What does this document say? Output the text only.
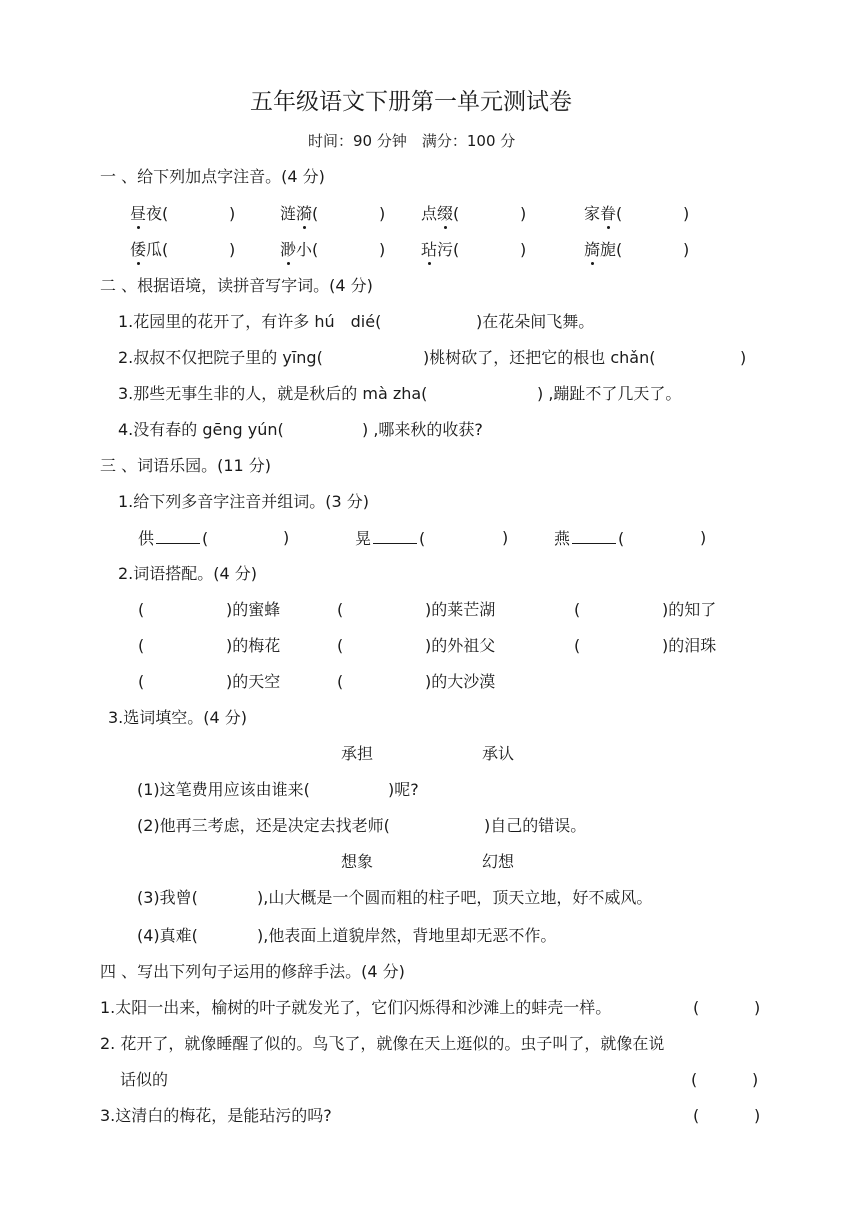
五年级语文下册第一单元测试卷
时间：90 分钟　满分：100 分
一 、给下列加点字注音。(4 分)
昼夜(	)	涟漪(	) 点缀(	)	家眷(	)
倭瓜(	)	渺小(	) 玷污(	)	旖旎(	)
二 、根据语境，读拼音写字词。(4 分)
1.花园里的花开了，有许多 hú　dié(	)在花朵间飞舞。
2.叔叔不仅把院子里的 yīng(	)桃树砍了，还把它的根也 chǎn(	)
3.那些无事生非的人，就是秋后的 mà zha(	) ,蹦趾不了几天了。
4.没有春的 gēng yún(	) ,哪来秋的收获?
三 、词语乐园。(11 分)
1.给下列多音字注音并组词。(3 分)
供	(	)	晃	(	)	燕	(	)
2.词语搭配。(4 分)
(	)的蜜蜂	(	)的莱芒湖	(	)的知了
(	)的梅花	(	)的外祖父	(	)的泪珠
(	)的天空	(	)的大沙漠
3.选词填空。(4 分)
承担	承认
(1)这笔费用应该由谁来(	)呢?
(2)他再三考虑，还是决定去找老师(	)自己的错误。
想象	幻想
(3)我曾(	),山大概是一个圆而粗的柱子吧，顶天立地，好不威风。
(4)真难(	),他表面上道貌岸然，背地里却无恶不作。
四 、写出下列句子运用的修辞手法。(4 分)
1.太阳一出来，榆树的叶子就发光了，它们闪烁得和沙滩上的蚌壳一样。	(	)
2. 花开了，就像睡醒了似的。鸟飞了，就像在天上逛似的。虫子叫了，就像在说
话似的	(	)
3.这清白的梅花，是能玷污的吗?	(	)
